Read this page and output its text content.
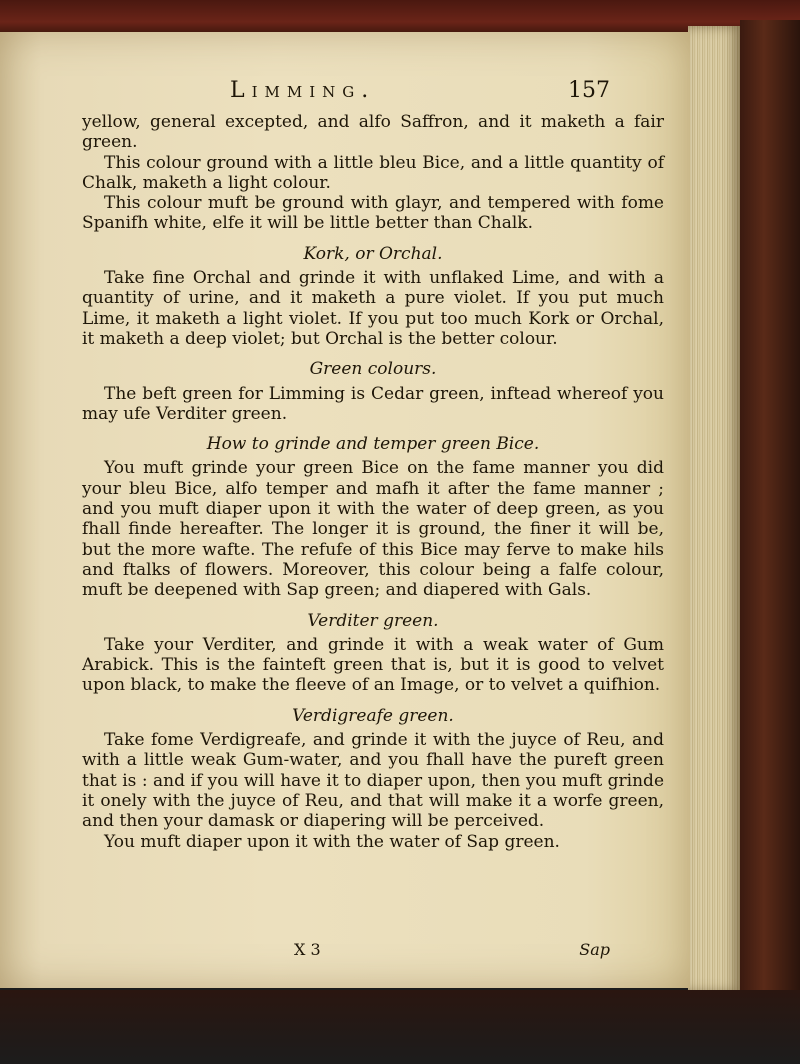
Limming.	157

yellow, general excepted, and alfo Saffron, and it maketh a fair green.

This colour ground with a little bleu Bice, and a little quantity of Chalk, maketh a light colour.

This colour muft be ground with glayr, and tempered with fome Spanifh white, elfe it will be little better than Chalk.

Kork, or Orchal.

Take fine Orchal and grinde it with unflaked Lime, and with a quantity of urine, and it maketh a pure violet. If you put much Lime, it maketh a light violet. If you put too much Kork or Orchal, it maketh a deep violet; but Orchal is the better colour.

Green colours.

The beft green for Limming is Cedar green, inftead whereof you may ufe Verditer green.

How to grinde and temper green Bice.

You muft grinde your green Bice on the fame manner you did your bleu Bice, alfo temper and mafh it after the fame manner ; and you muft diaper upon it with the water of deep green, as you fhall finde hereafter. The longer it is ground, the finer it will be, but the more wafte. The refufe of this Bice may ferve to make hils and ftalks of flowers. Moreover, this colour being a falfe colour, muft be deepened with Sap green; and diapered with Gals.

Verditer green.

Take your Verditer, and grinde it with a weak water of Gum Arabick. This is the fainteft green that is, but it is good to velvet upon black, to make the fleeve of an Image, or to velvet a quifhion.

Verdigreafe green.

Take fome Verdigreafe, and grinde it with the juyce of Reu, and with a little weak Gum-water, and you fhall have the pureft green that is : and if you will have it to diaper upon, then you muft grinde it onely with the juyce of Reu, and that will make it a worfe green, and then your damask or diapering will be perceived.

You muft diaper upon it with the water of Sap green.

X 3	Sap
